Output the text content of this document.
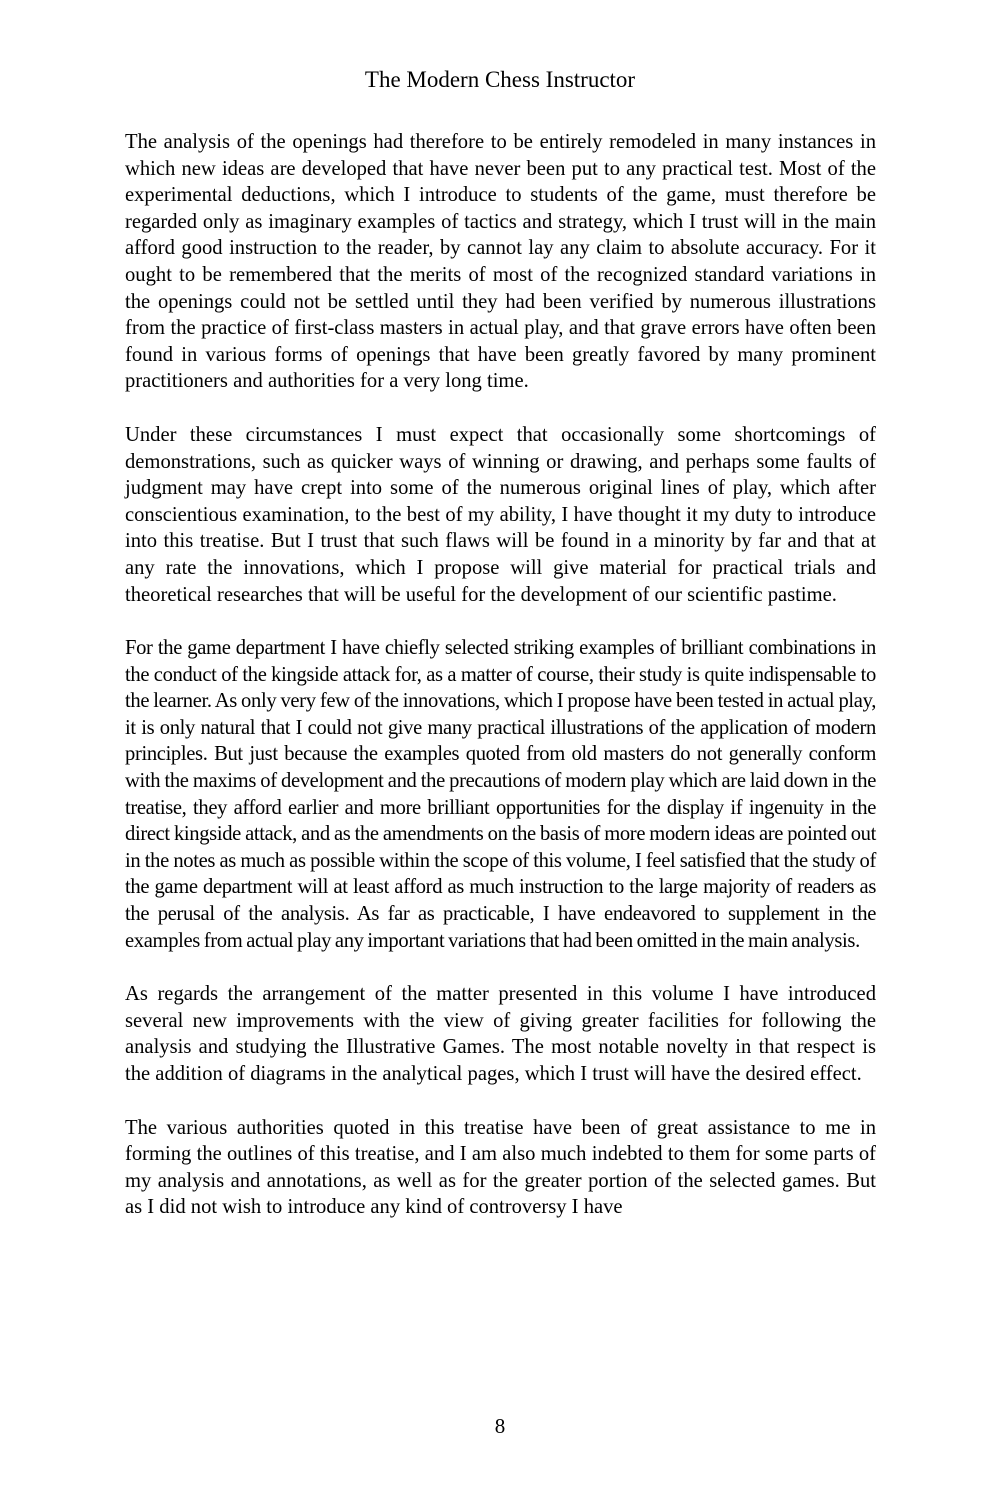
The Modern Chess Instructor

The analysis of the openings had therefore to be entirely remodeled in many instances in which new ideas are developed that have never been put to any practical test. Most of the experimental deductions, which I introduce to students of the game, must therefore be regarded only as imaginary examples of tactics and strategy, which I trust will in the main afford good instruction to the reader, by cannot lay any claim to absolute accuracy. For it ought to be remembered that the merits of most of the recognized standard variations in the openings could not be settled until they had been verified by numerous illustrations from the practice of first-class masters in actual play, and that grave errors have often been found in various forms of openings that have been greatly favored by many prominent practitioners and authorities for a very long time.

Under these circumstances I must expect that occasionally some shortcomings of demonstrations, such as quicker ways of winning or drawing, and perhaps some faults of judgment may have crept into some of the numerous original lines of play, which after conscientious examination, to the best of my ability, I have thought it my duty to introduce into this treatise. But I trust that such flaws will be found in a minority by far and that at any rate the innovations, which I propose will give material for practical trials and theoretical researches that will be useful for the development of our scientific pastime.

For the game department I have chiefly selected striking examples of brilliant combinations in the conduct of the kingside attack for, as a matter of course, their study is quite indispensable to the learner. As only very few of the innovations, which I propose have been tested in actual play, it is only natural that I could not give many practical illustrations of the application of modern principles. But just because the examples quoted from old masters do not generally conform with the maxims of development and the precautions of modern play which are laid down in the treatise, they afford earlier and more brilliant opportunities for the display if ingenuity in the direct kingside attack, and as the amendments on the basis of more modern ideas are pointed out in the notes as much as possible within the scope of this volume, I feel satisfied that the study of the game department will at least afford as much instruction to the large majority of readers as the perusal of the analysis. As far as practicable, I have endeavored to supplement in the examples from actual play any important variations that had been omitted in the main analysis.

As regards the arrangement of the matter presented in this volume I have introduced several new improvements with the view of giving greater facilities for following the analysis and studying the Illustrative Games. The most notable novelty in that respect is the addition of diagrams in the analytical pages, which I trust will have the desired effect.

The various authorities quoted in this treatise have been of great assistance to me in forming the outlines of this treatise, and I am also much indebted to them for some parts of my analysis and annotations, as well as for the greater portion of the selected games. But as I did not wish to introduce any kind of controversy I have

8
